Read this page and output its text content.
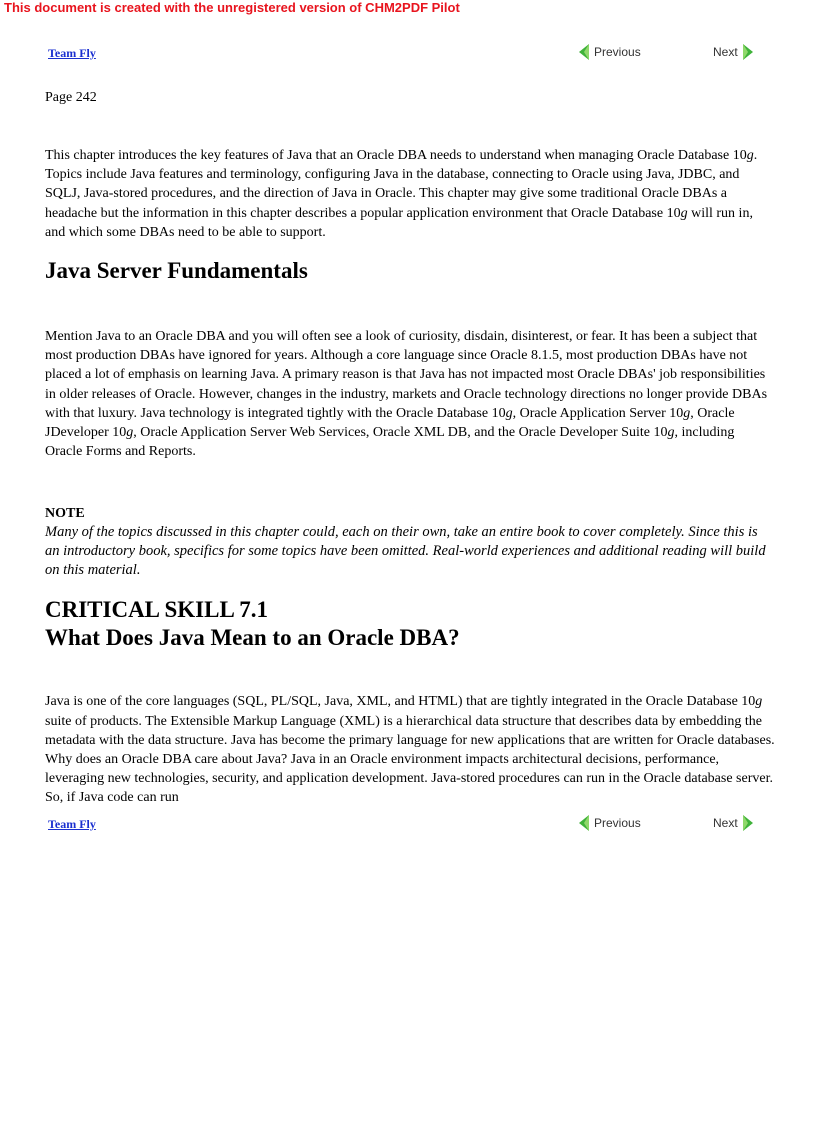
This document is created with the unregistered version of CHM2PDF Pilot
Team Fly	Previous	Next
Page 242

This chapter introduces the key features of Java that an Oracle DBA needs to understand when managing Oracle Database 10g. Topics include Java features and terminology, configuring Java in the database, connecting to Oracle using Java, JDBC, and SQLJ, Java-stored procedures, and the direction of Java in Oracle. This chapter may give some traditional Oracle DBAs a headache but the information in this chapter describes a popular application environment that Oracle Database 10g will run in, and which some DBAs need to be able to support.

Java Server Fundamentals

Mention Java to an Oracle DBA and you will often see a look of curiosity, disdain, disinterest, or fear. It has been a subject that most production DBAs have ignored for years. Although a core language since Oracle 8.1.5, most production DBAs have not placed a lot of emphasis on learning Java. A primary reason is that Java has not impacted most Oracle DBAs' job responsibilities in older releases of Oracle. However, changes in the industry, markets and Oracle technology directions no longer provide DBAs with that luxury. Java technology is integrated tightly with the Oracle Database 10g, Oracle Application Server 10g, Oracle JDeveloper 10g, Oracle Application Server Web Services, Oracle XML DB, and the Oracle Developer Suite 10g, including Oracle Forms and Reports.

NOTE

Many of the topics discussed in this chapter could, each on their own, take an entire book to cover completely. Since this is an introductory book, specifics for some topics have been omitted. Real-world experiences and additional reading will build on this material.

CRITICAL SKILL 7.1
What Does Java Mean to an Oracle DBA?

Java is one of the core languages (SQL, PL/SQL, Java, XML, and HTML) that are tightly integrated in the Oracle Database 10g suite of products. The Extensible Markup Language (XML) is a hierarchical data structure that describes data by embedding the metadata with the data structure. Java has become the primary language for new applications that are written for Oracle databases. Why does an Oracle DBA care about Java? Java in an Oracle environment impacts architectural decisions, performance, leveraging new technologies, security, and application development. Java-stored procedures can run in the Oracle database server. So, if Java code can run

Team Fly	Previous	Next
